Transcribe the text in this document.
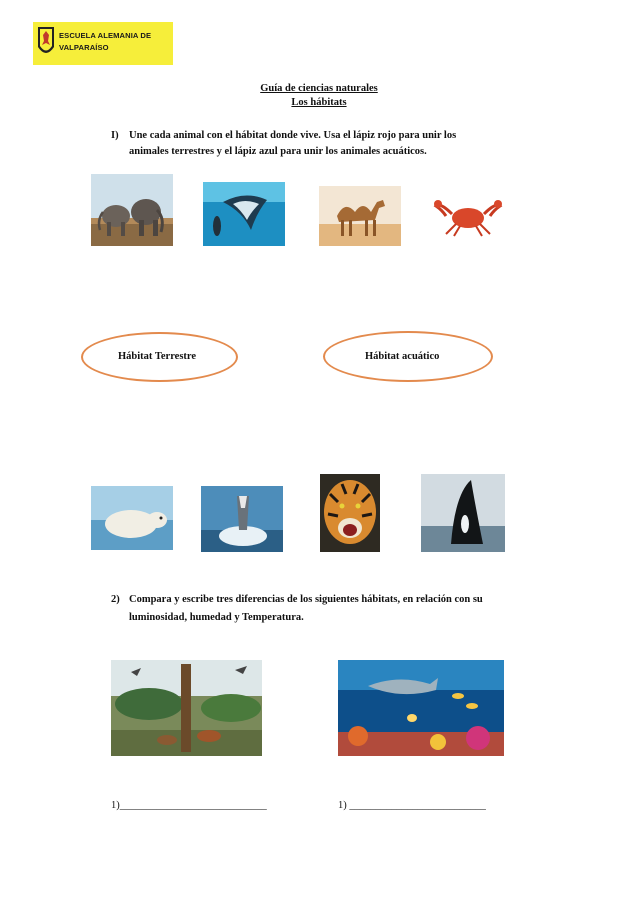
ESCUELA ALEMANIA DE
VALPARAÍSO
Guía de ciencias naturales
Los hábitats
I) Une cada animal con el hábitat donde vive. Usa el lápiz rojo para unir los
animales terrestres y el lápiz azul para unir los animales acuáticos.
Hábitat Terrestre	Hábitat acuático
2) Compara y escribe tres diferencias de los siguientes hábitats, en relación con su
luminosidad, humedad y Temperatura.
1)____________________________	1) __________________________
